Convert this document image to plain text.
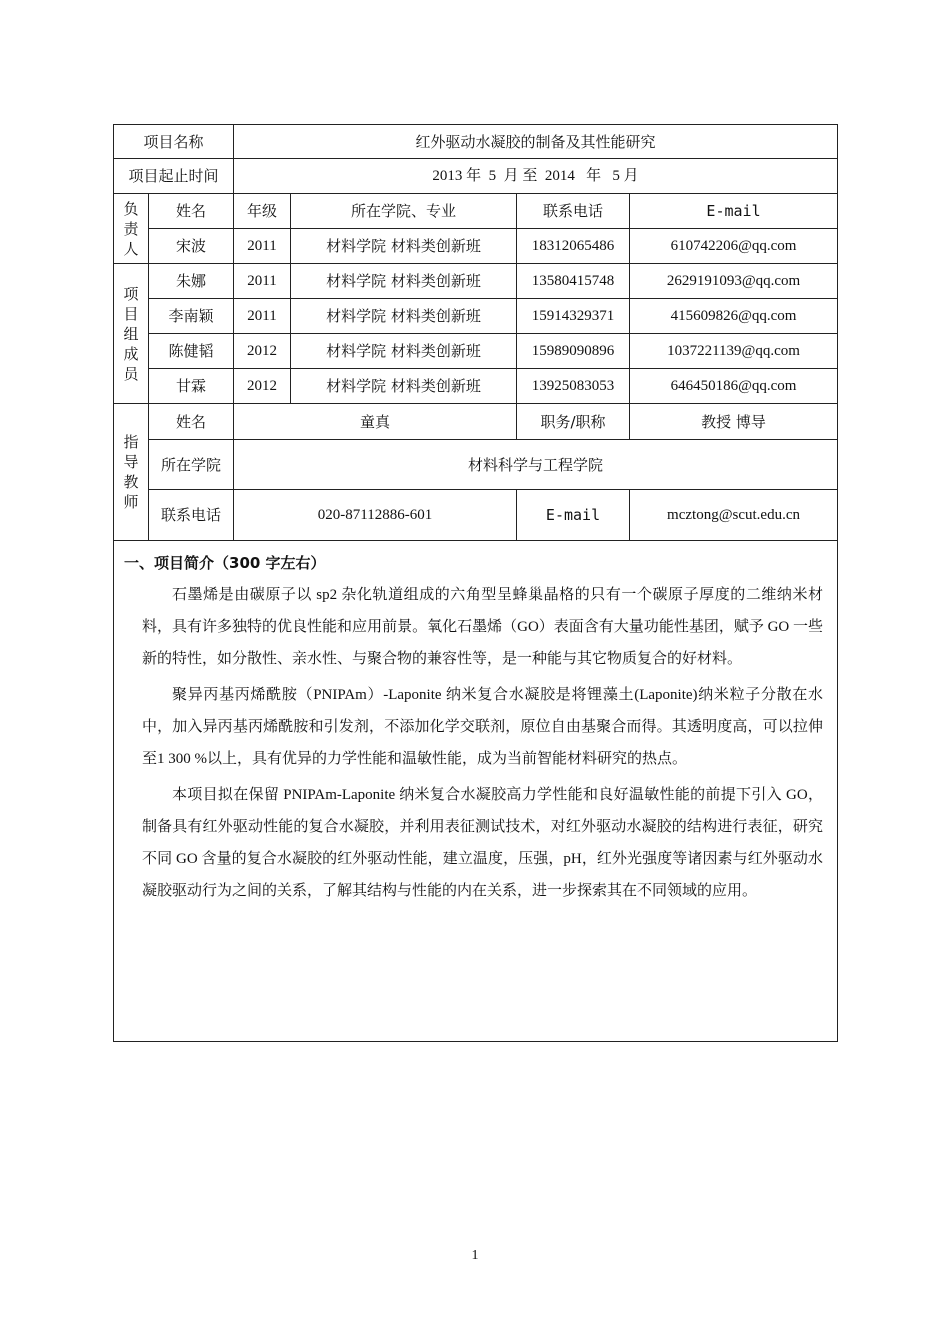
项目名称		红外驱动水凝胶的制备及其性能研究			
项目起止时间		2013 年  5  月 至  2014   年   5 月			

负
责
人	姓名	年级	所在学院、专业	联系电话	E-mail
	宋波	2011	材料学院 材料类创新班	18312065486	610742206@qq.com

项
目
组
成
员	朱娜	2011	材料学院 材料类创新班	13580415748	2629191093@qq.com
	李南颖	2011	材料学院 材料类创新班	15914329371	415609826@qq.com
	陈健韬	2012	材料学院 材料类创新班	15989090896	1037221139@qq.com
	甘霖	2012	材料学院 材料类创新班	13925083053	646450186@qq.com

指
导
教
师	姓名	童真		职务/职称	教授 博导
	所在学院	材料科学与工程学院			
	联系电话	020-87112886-601		E-mail	mcztong@scut.edu.cn

一、项目简介（300 字左右）

石墨烯是由碳原子以 sp2 杂化轨道组成的六角型呈蜂巢晶格的只有一个碳原子厚度的二维纳米材料，具有许多独特的优良性能和应用前景。氧化石墨烯（GO）表面含有大量功能性基团，赋予 GO 一些新的特性，如分散性、亲水性、与聚合物的兼容性等，是一种能与其它物质复合的好材料。

聚异丙基丙烯酰胺（PNIPAm）-Laponite 纳米复合水凝胶是将锂藻土(Laponite)纳米粒子分散在水中，加入异丙基丙烯酰胺和引发剂，不添加化学交联剂，原位自由基聚合而得。其透明度高，可以拉伸至1 300 %以上，具有优异的力学性能和温敏性能，成为当前智能材料研究的热点。

本项目拟在保留 PNIPAm-Laponite 纳米复合水凝胶高力学性能和良好温敏性能的前提下引入 GO，制备具有红外驱动性能的复合水凝胶，并利用表征测试技术，对红外驱动水凝胶的结构进行表征，研究不同 GO 含量的复合水凝胶的红外驱动性能，建立温度，压强，pH，红外光强度等诸因素与红外驱动水凝胶驱动行为之间的关系，了解其结构与性能的内在关系，进一步探索其在不同领域的应用。					

1
